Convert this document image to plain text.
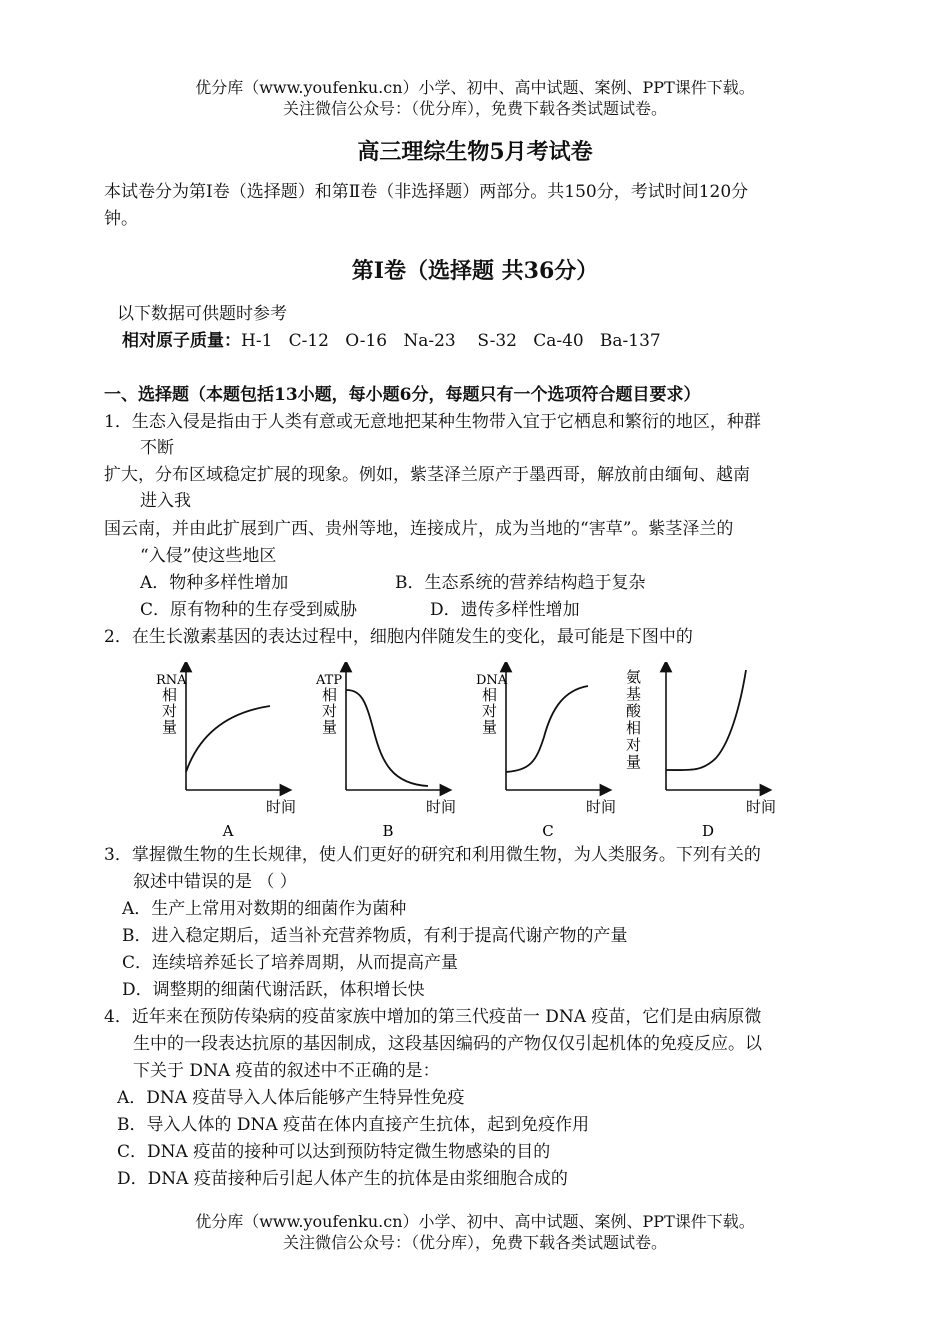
优分库（www.youfenku.cn）小学、初中、高中试题、案例、PPT课件下载。
关注微信公众号：（优分库），免费下载各类试题试卷。
高三理综生物5月考试卷
本试卷分为第Ⅰ卷（选择题）和第Ⅱ卷（非选择题）两部分。共150分，考试时间120分
钟。
第Ⅰ卷（选择题 共36分）
以下数据可供题时参考
相对原子质量：H-1   C-12   O-16   Na-23    S-32   Ca-40   Ba-137
一、选择题（本题包括13小题，每小题6分，每题只有一个选项符合题目要求）
1．生态入侵是指由于人类有意或无意地把某种生物带入宜于它栖息和繁衍的地区，种群
不断
扩大，分布区域稳定扩展的现象。例如，紫茎泽兰原产于墨西哥，解放前由缅甸、越南
进入我
国云南，并由此扩展到广西、贵州等地，连接成片，成为当地的“害草”。紫茎泽兰的
“入侵”使这些地区
A．物种多样性增加	B．生态系统的营养结构趋于复杂
C．原有物种的生存受到威胁	D．遗传多样性增加
2．在生长激素基因的表达过程中，细胞内伴随发生的变化，最可能是下图中的
RNA
相
对
量
时间
A
ATP
相
对
量
时间
B
DNA
相
对
量
时间
C
氨
基
酸
相
对
量
时间
D
3．掌握微生物的生长规律，使人们更好的研究和利用微生物，为人类服务。下列有关的
叙述中错误的是 （ ）
A．生产上常用对数期的细菌作为菌种
B．进入稳定期后，适当补充营养物质，有利于提高代谢产物的产量
C．连续培养延长了培养周期，从而提高产量
D．调整期的细菌代谢活跃，体积增长快
4．近年来在预防传染病的疫苗家族中增加的第三代疫苗一 DNA 疫苗，它们是由病原微
生中的一段表达抗原的基因制成，这段基因编码的产物仅仅引起机体的免疫反应。以
下关于 DNA 疫苗的叙述中不正确的是：
A．DNA 疫苗导入人体后能够产生特异性免疫
B．导入人体的 DNA 疫苗在体内直接产生抗体，起到免疫作用
C．DNA 疫苗的接种可以达到预防特定微生物感染的目的
D．DNA 疫苗接种后引起人体产生的抗体是由浆细胞合成的
优分库（www.youfenku.cn）小学、初中、高中试题、案例、PPT课件下载。
关注微信公众号：（优分库），免费下载各类试题试卷。
